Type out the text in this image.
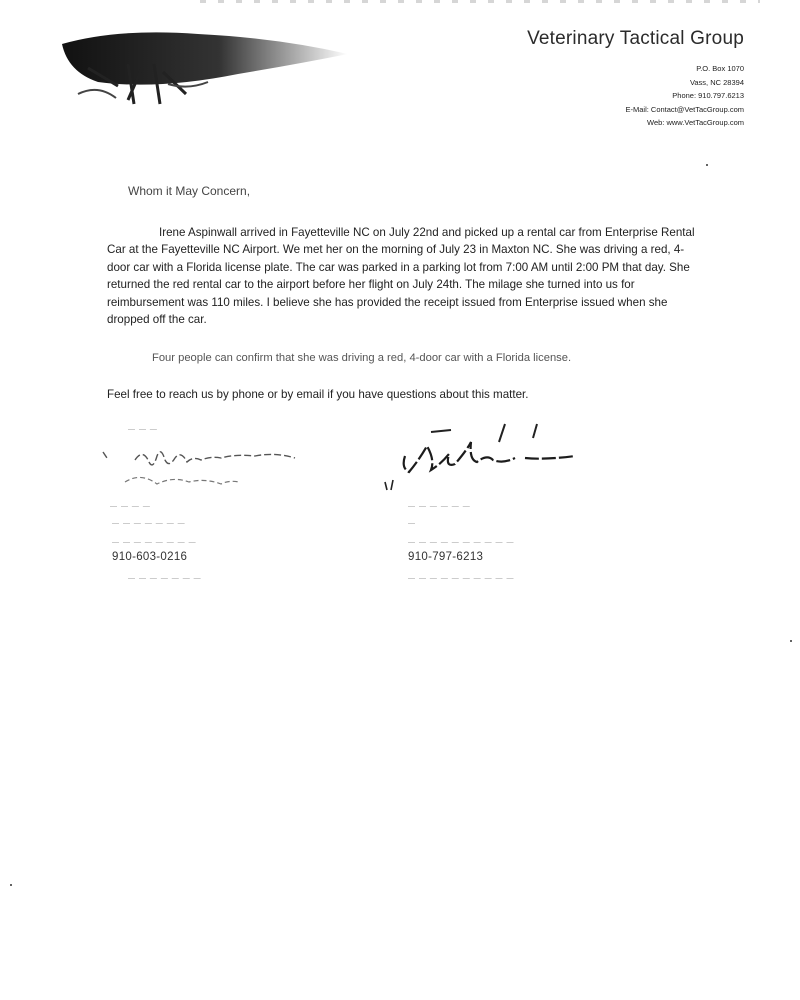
Veterinary Tactical Group
P.O. Box 1070
Vass, NC 28394
Phone: 910.797.6213
E-Mail: Contact@VetTacGroup.com
Web: www.VetTacGroup.com
Whom it May Concern,
Irene Aspinwall arrived in Fayetteville NC on July 22nd and picked up a rental car from Enterprise Rental Car at the Fayetteville NC Airport. We met her on the morning of July 23 in Maxton NC. She was driving a red, 4-door car with a Florida license plate. The car was parked in a parking lot from 7:00 AM until 2:00 PM that day. She returned the red rental car to the airport before her flight on July 24th. The milage she turned into us for reimbursement was 110 miles. I believe she has provided the receipt issued from Enterprise issued when she dropped off the car.
Four people can confirm that she was driving a red, 4-door car with a Florida license.
Feel free to reach us by phone or by email if you have questions about this matter.
— — —
— — — —
— — — — — — —
— — — — — — — —
910-603-0216
— — — — — — —
— — — — — —
—
— — — — — — — — — —
910-797-6213
— — — — — — — — — —
